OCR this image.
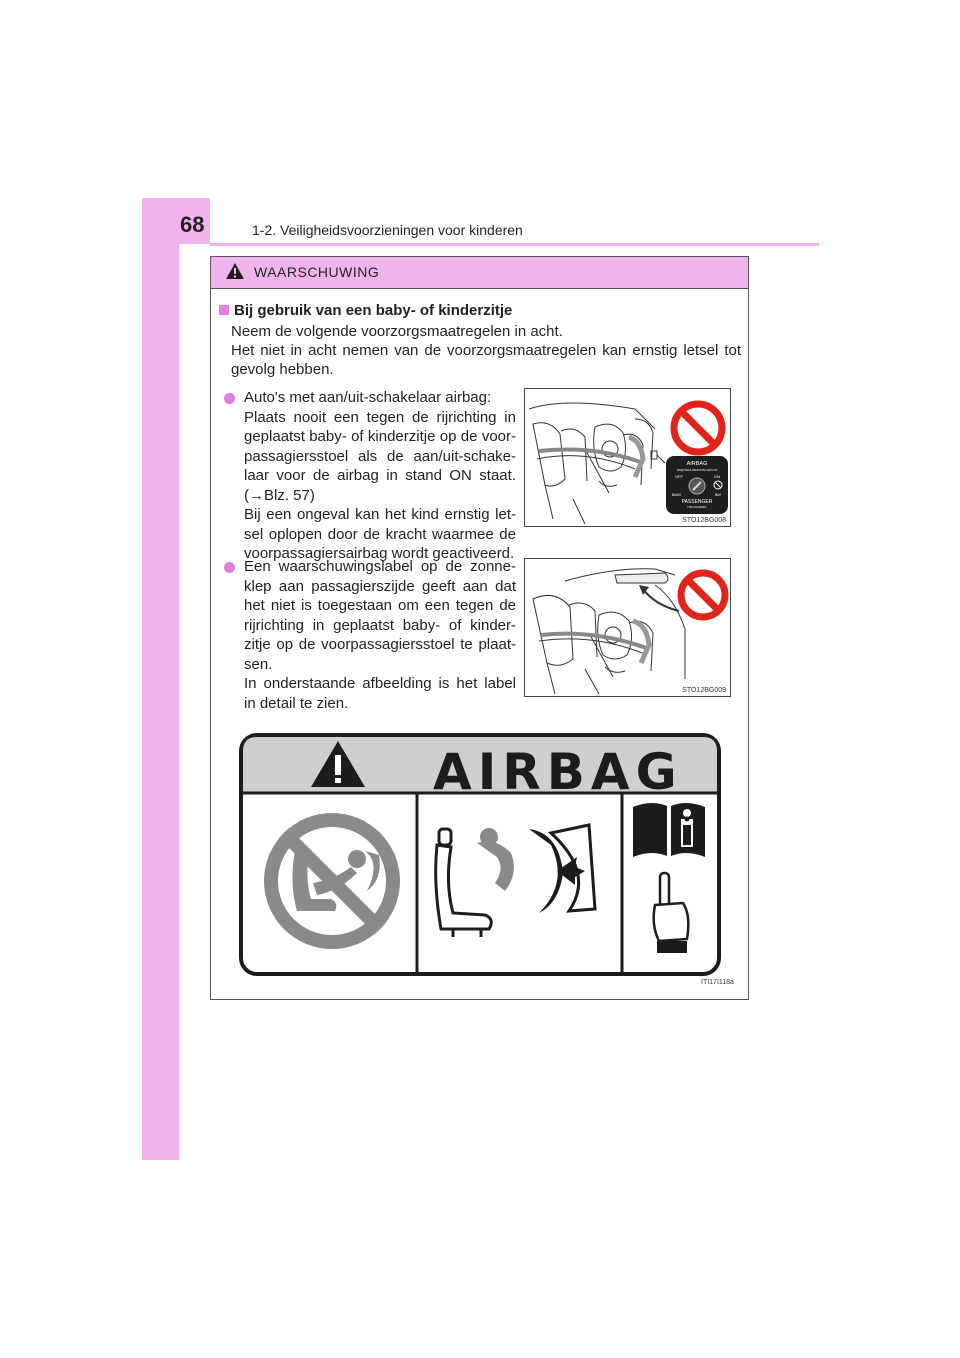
68	1-2. Veiligheidsvoorzieningen voor kinderen
WAARSCHUWING
Bij gebruik van een baby- of kinderzitje

Neem de volgende voorzorgsmaatregelen in acht.
Het niet in acht nemen van de voorzorgsmaatregelen kan ernstig letsel tot
gevolg hebben.

Auto's met aan/uit-schakelaar airbag:
Plaats nooit een tegen de rijrichting in
geplaatst baby- of kinderzitje op de voor-
passagiersstoel als de aan/uit-schake-
laar voor de airbag in stand ON staat.
(→Blz. 57)
Bij een ongeval kan het kind ernstig let-
sel oplopen door de kracht waarmee de
voorpassagiersairbag wordt geactiveerd.

AIRBAG
ПОДУШКА БЕЗОПАСНОСТИ
OFF	ON
ВЫКЛ	ВКЛ
PASSENGER
ПАССАЖИРА
STO12BG008

Een waarschuwingslabel op de zonne-
klep aan passagierszijde geeft aan dat
het niet is toegestaan om een tegen de
rijrichting in geplaatst baby- of kinder-
zitje op de voorpassagiersstoel te plaat-
sen.
In onderstaande afbeelding is het label
in detail te zien.

STO12BG009
AIRBAG
ITI17I118a
